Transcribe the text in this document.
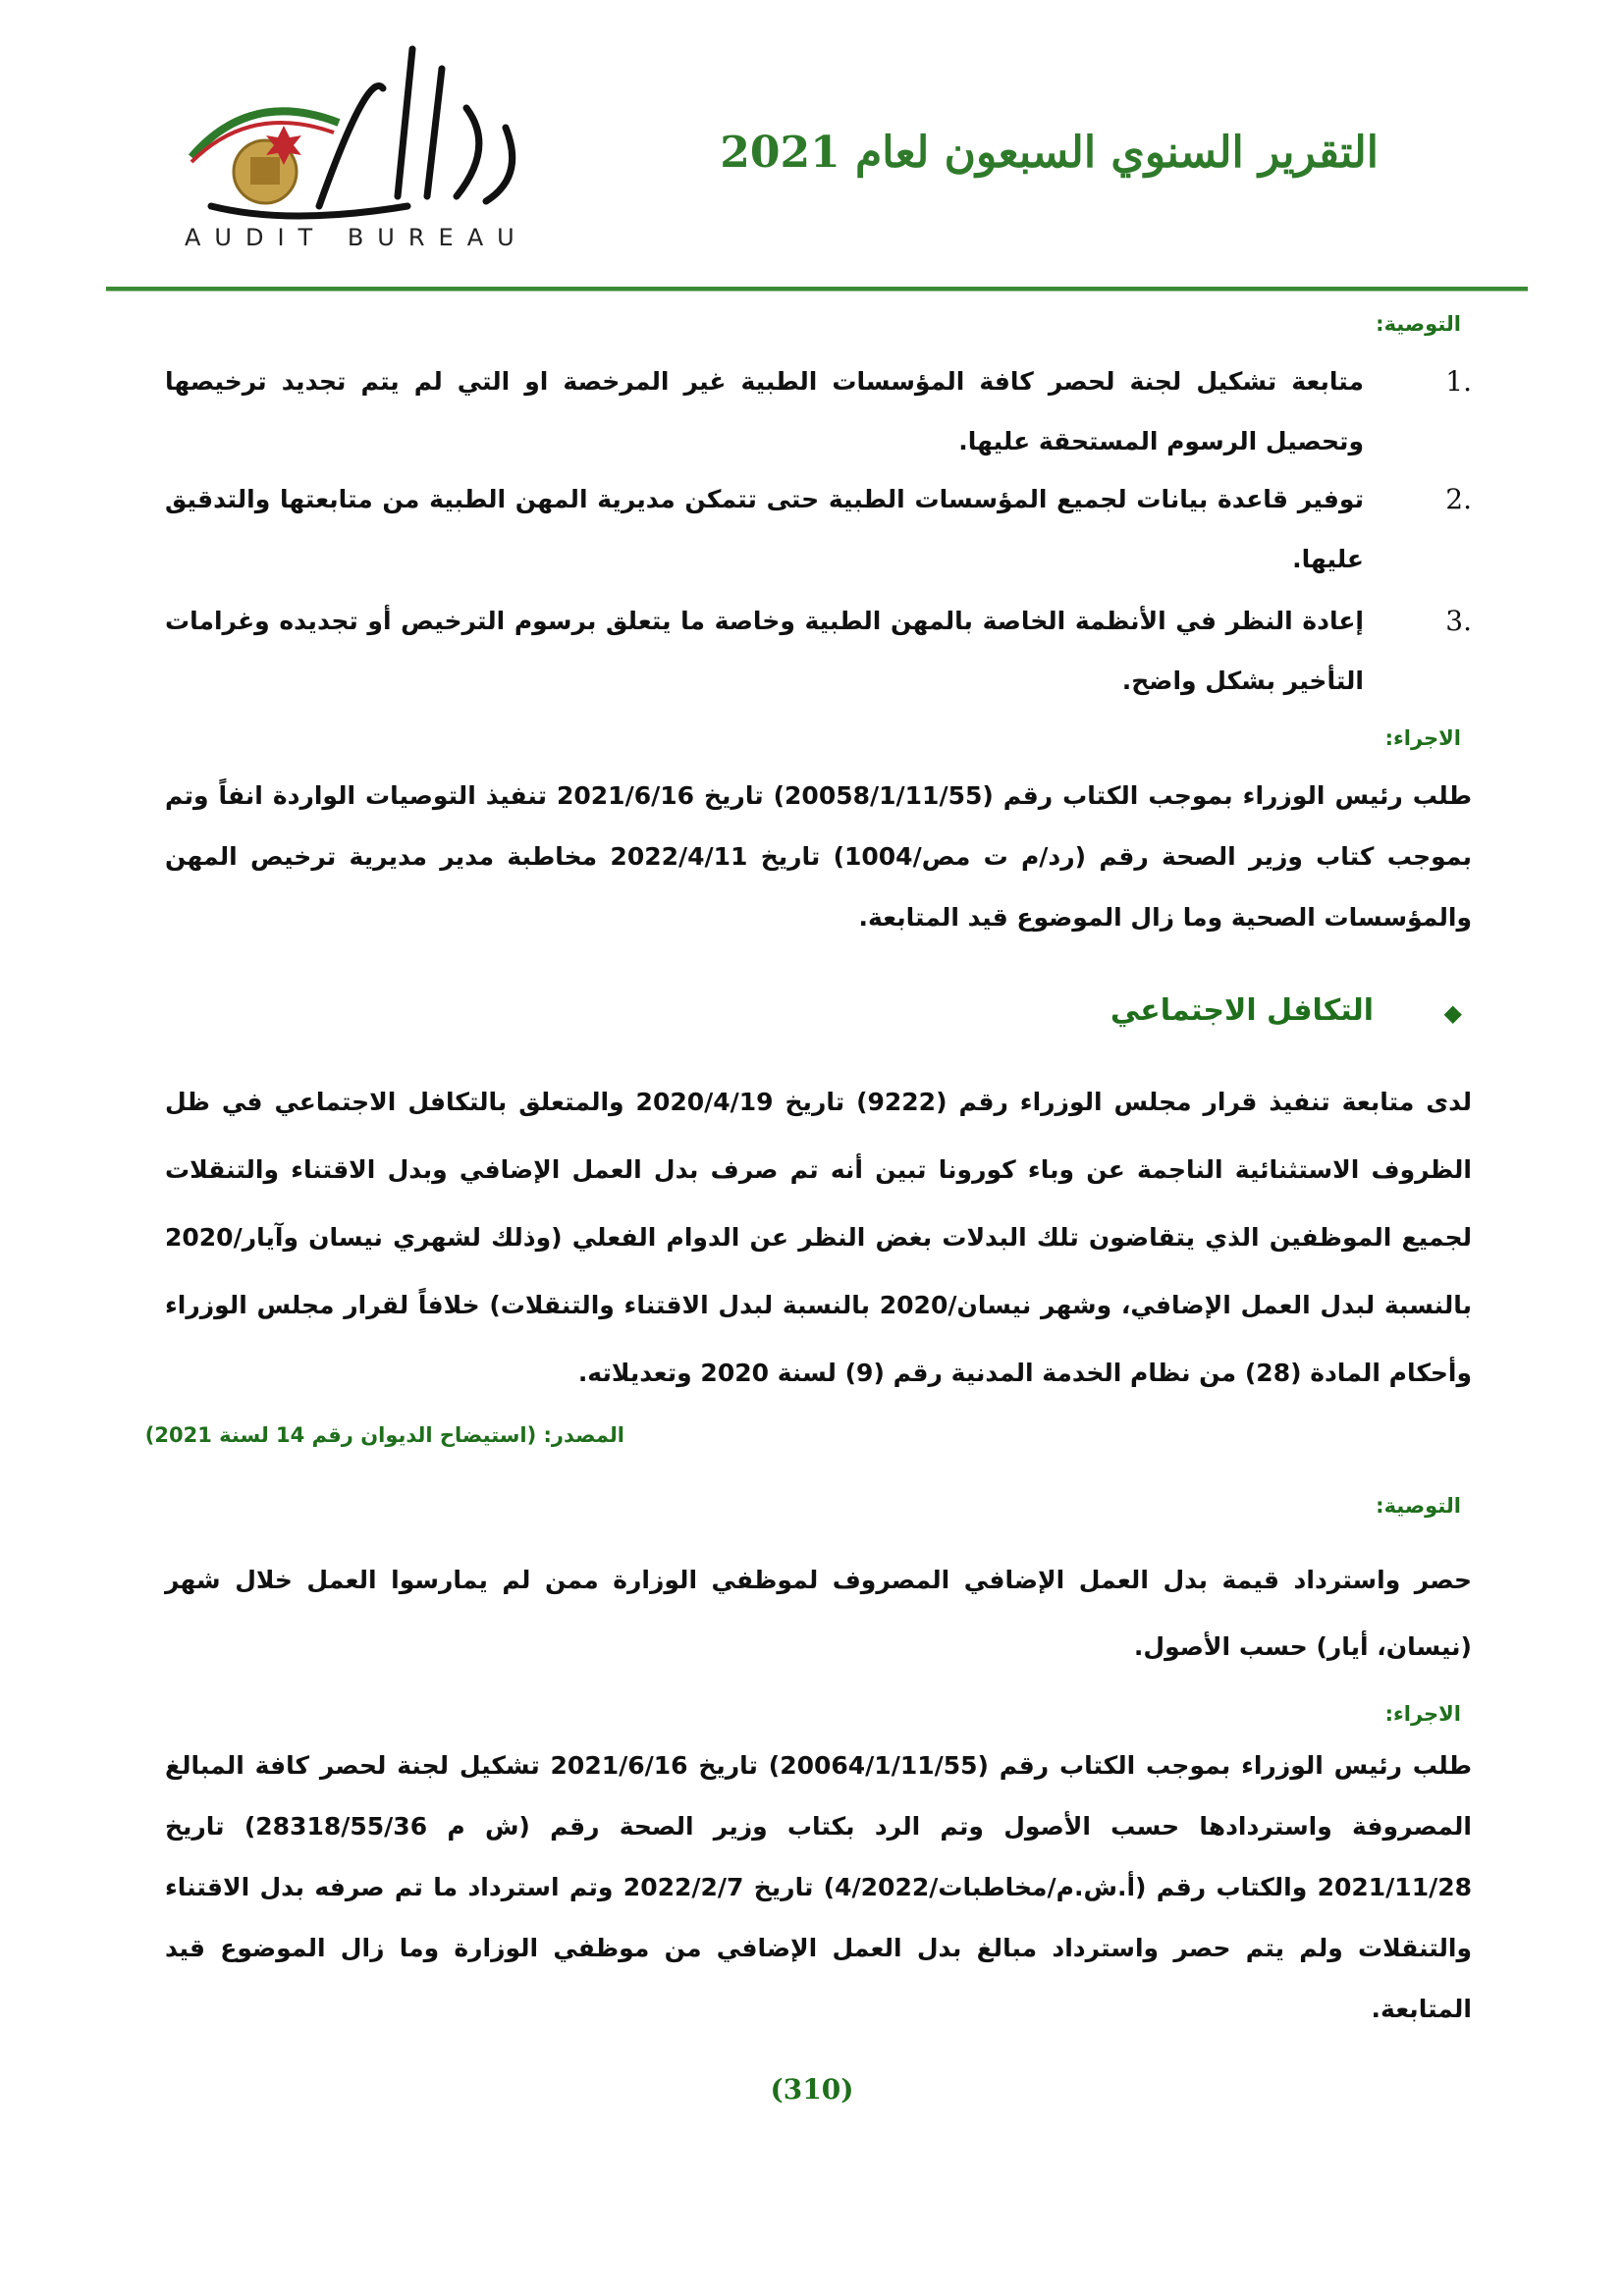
AUDIT BUREAU
التقرير السنوي السبعون لعام 2021
التوصية:
.1
متابعة تشكيل لجنة لحصر كافة المؤسسات الطبية غير المرخصة او التي لم يتم تجديد ترخيصها وتحصيل الرسوم المستحقة عليها.
.2
توفير قاعدة بيانات لجميع المؤسسات الطبية حتى تتمكن مديرية المهن الطبية من متابعتها والتدقيق عليها.
.3
إعادة النظر في الأنظمة الخاصة بالمهن الطبية وخاصة ما يتعلق برسوم الترخيص أو تجديده وغرامات التأخير بشكل واضح.
الاجراء:
طلب رئيس الوزراء بموجب الكتاب رقم (20058/1/11/55) تاريخ 2021/6/16 تنفيذ التوصيات الواردة انفاً وتم بموجب كتاب وزير الصحة رقم (رد/م ت مص/1004) تاريخ 2022/4/11 مخاطبة مدير مديرية ترخيص المهن والمؤسسات الصحية وما زال الموضوع قيد المتابعة.
◆
التكافل الاجتماعي
لدى متابعة تنفيذ قرار مجلس الوزراء رقم (9222) تاريخ 2020/4/19 والمتعلق بالتكافل الاجتماعي في ظل الظروف الاستثنائية الناجمة عن وباء كورونا تبين أنه تم صرف بدل العمل الإضافي وبدل الاقتناء والتنقلات لجميع الموظفين الذي يتقاضون تلك البدلات بغض النظر عن الدوام الفعلي (وذلك لشهري نيسان وآيار/2020 بالنسبة لبدل العمل الإضافي، وشهر نيسان/2020 بالنسبة لبدل الاقتناء والتنقلات) خلافاً لقرار مجلس الوزراء وأحكام المادة (28) من نظام الخدمة المدنية رقم (9) لسنة 2020 وتعديلاته.
المصدر: (استيضاح الديوان رقم 14 لسنة 2021)
التوصية:
حصر واسترداد قيمة بدل العمل الإضافي المصروف لموظفي الوزارة ممن لم يمارسوا العمل خلال شهر (نيسان، أيار) حسب الأصول.
الاجراء:
طلب رئيس الوزراء بموجب الكتاب رقم (20064/1/11/55) تاريخ 2021/6/16 تشكيل لجنة لحصر كافة المبالغ المصروفة واستردادها حسب الأصول وتم الرد بكتاب وزير الصحة رقم (ش م 28318/55/36) تاريخ 2021/11/28 والكتاب رقم (أ.ش.م/مخاطبات/4/2022) تاريخ 2022/2/7 وتم استرداد ما تم صرفه بدل الاقتناء والتنقلات ولم يتم حصر واسترداد مبالغ بدل العمل الإضافي من موظفي الوزارة وما زال الموضوع قيد المتابعة.
(310)
